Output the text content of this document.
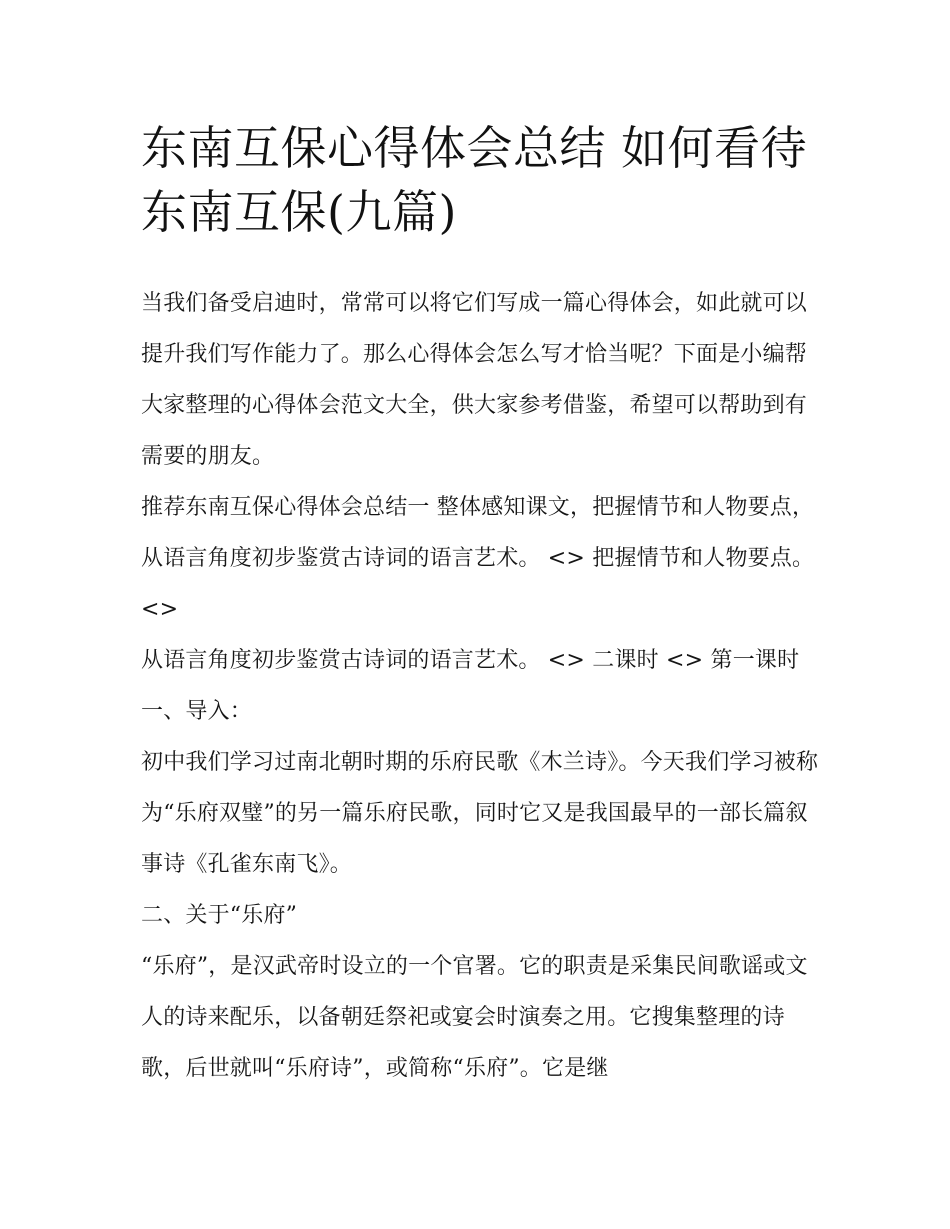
东南互保心得体会总结 如何看待东南互保(九篇)

当我们备受启迪时，常常可以将它们写成一篇心得体会，如此就可以提升我们写作能力了。那么心得体会怎么写才恰当呢？下面是小编帮大家整理的心得体会范文大全，供大家参考借鉴，希望可以帮助到有需要的朋友。

推荐东南互保心得体会总结一 整体感知课文，把握情节和人物要点，从语言角度初步鉴赏古诗词的语言艺术。 <> 把握情节和人物要点。 <>

从语言角度初步鉴赏古诗词的语言艺术。 <> 二课时 <> 第一课时 一、导入：

初中我们学习过南北朝时期的乐府民歌《木兰诗》。今天我们学习被称为“乐府双璧”的另一篇乐府民歌，同时它又是我国最早的一部长篇叙事诗《孔雀东南飞》。

二、关于“乐府”

“乐府”，是汉武帝时设立的一个官署。它的职责是采集民间歌谣或文人的诗来配乐，以备朝廷祭祀或宴会时演奏之用。它搜集整理的诗歌，后世就叫“乐府诗”，或简称“乐府”。它是继
